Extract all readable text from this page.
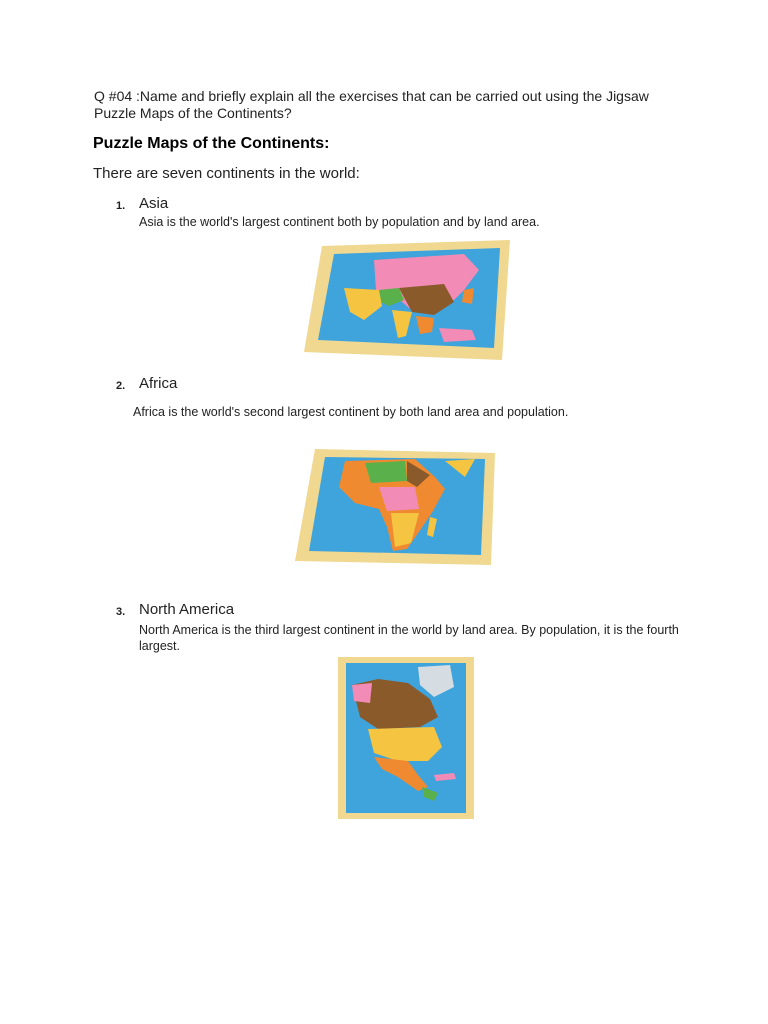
Q #04 :Name and briefly explain all the exercises that can be carried out using the Jigsaw Puzzle Maps of the Continents?
Puzzle Maps of the Continents:
There are seven continents in the world:
1. Asia
Asia is the world's largest continent both by population and by land area.
2. Africa
Africa is the world's second largest continent by both land area and population.
3. North America
North America is the third largest continent in the world by land area. By population, it is the fourth largest.
